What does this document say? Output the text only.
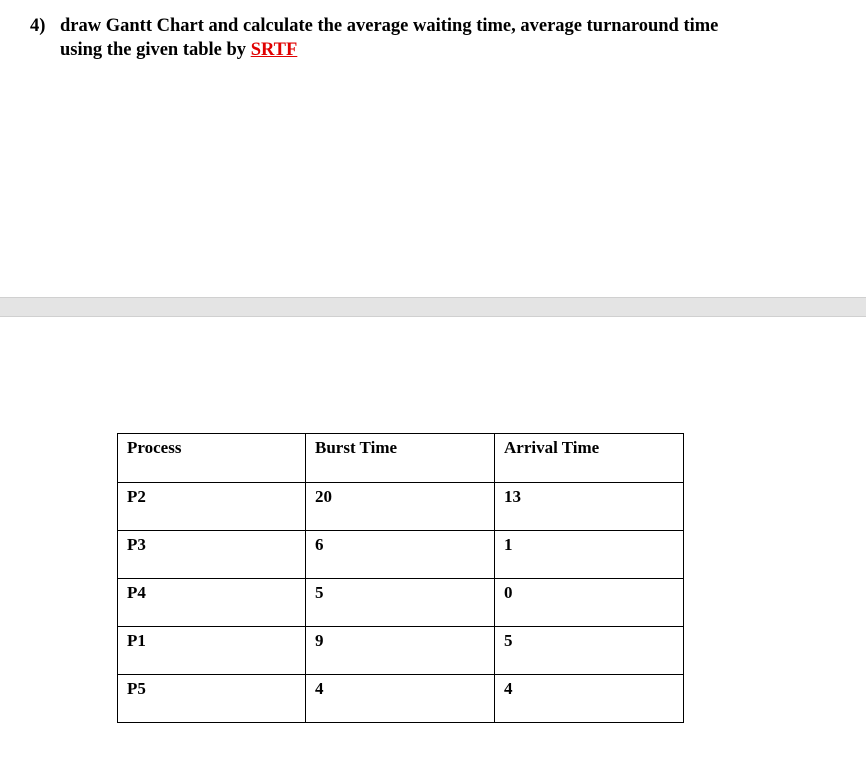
4) draw Gantt Chart and calculate the average waiting time, average turnaround time
using the given table by SRTF
Process	Burst Time	Arrival Time
P2	20	13
P3	6	1
P4	5	0
P1	9	5
P5	4	4
